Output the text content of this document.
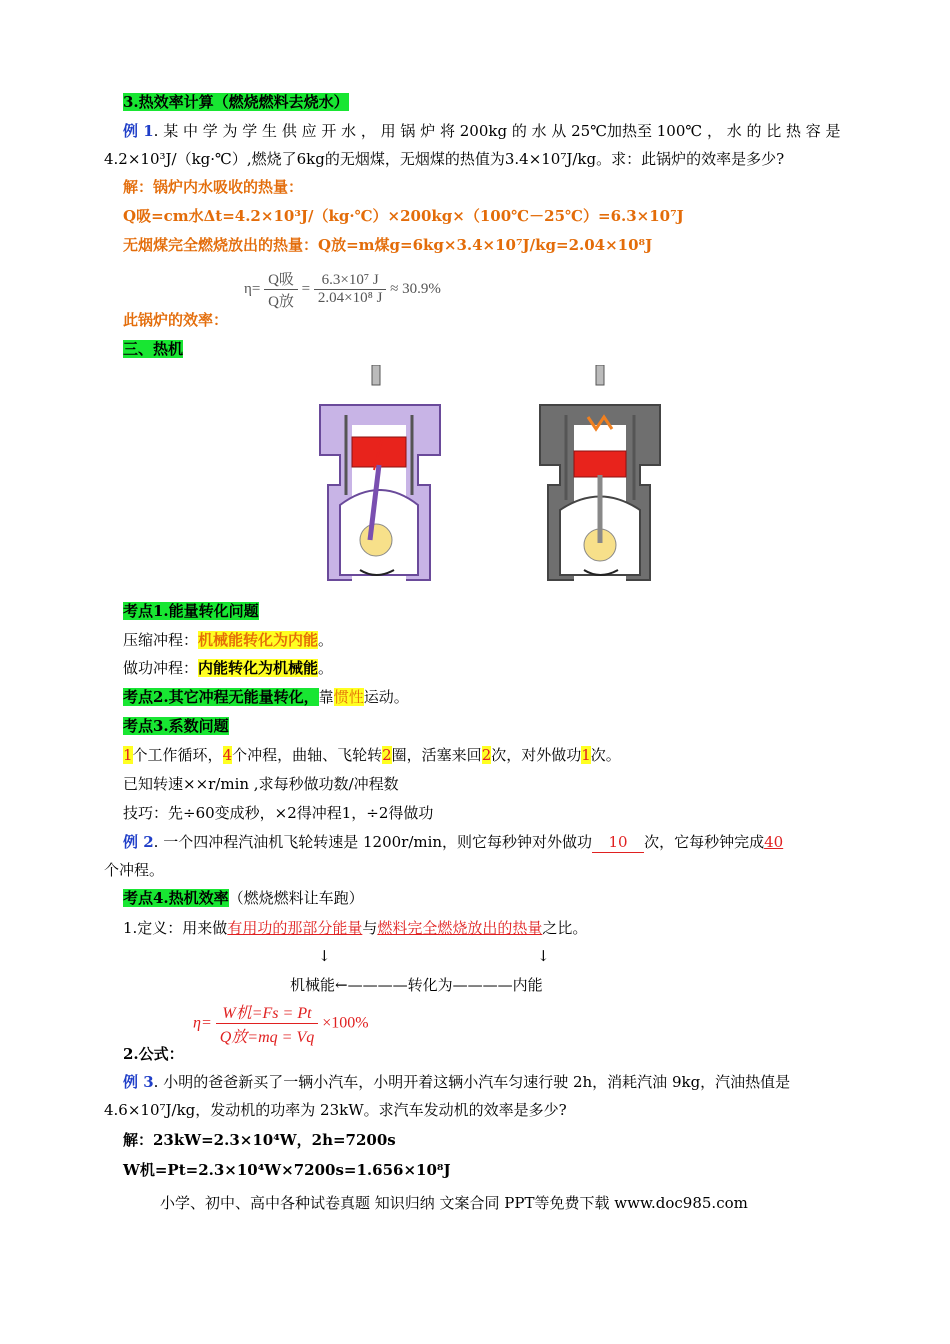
3.热效率计算（燃烧燃料去烧水）
例 1. 某 中 学 为 学 生 供 应 开 水 ， 用 锅 炉 将 200kg 的 水 从 25℃加热至 100℃ ， 水 的 比 热 容 是
4.2×10³J/（kg·℃）,燃烧了6kg的无烟煤，无烟煤的热值为3.4×10⁷J/kg。求：此锅炉的效率是多少?
解：锅炉内水吸收的热量：
Q吸=cm水Δt=4.2×10³J/（kg·℃）×200kg×（100℃－25℃）=6.3×10⁷J
无烟煤完全燃烧放出的热量：Q放=m煤g=6kg×3.4×10⁷J/kg=2.04×10⁸J
$\eta= \frac{\text{Q吸}}{\text{Q放}} = \frac{\text{6.3×10⁷ J}}{\text{2.04×10⁸ J}} \approx 30.9\%$
此锅炉的效率：
三、热机
考点1.能量转化问题
压缩冲程：机械能转化为内能。
做功冲程：内能转化为机械能。
考点2.其它冲程无能量转化，靠惯性运动。
考点3.系数问题
1个工作循环，4个冲程，曲轴、飞轮转2圈，活塞来回2次，对外做功1次。
已知转速××r/min ,求每秒做功数/冲程数
技巧：先÷60变成秒，×2得冲程1，÷2得做功
例 2. 一个四冲程汽油机飞轮转速是 1200r/min，则它每秒钟对外做功 10 次，它每秒钟完成40
个冲程。
考点4.热机效率（燃烧燃料让车跑）
1.定义：用来做有用功的那部分能量与燃料完全燃烧放出的热量之比。
↓	↓
机械能←————转化为————内能
$\eta= \frac{\text{W机=Fs = Pt}}{\text{Q放=mq = Vq}} \times 100\%$
2.公式：
例 3. 小明的爸爸新买了一辆小汽车，小明开着这辆小汽车匀速行驶 2h，消耗汽油 9kg，汽油热值是
4.6×10⁷J/kg，发动机的功率为 23kW。求汽车发动机的效率是多少?
解：23kW=2.3×10⁴W，2h=7200s
W机=Pt=2.3×10⁴W×7200s=1.656×10⁸J
小学、初中、高中各种试卷真题 知识归纳 文案合同 PPT等免费下载 www.doc985.com
